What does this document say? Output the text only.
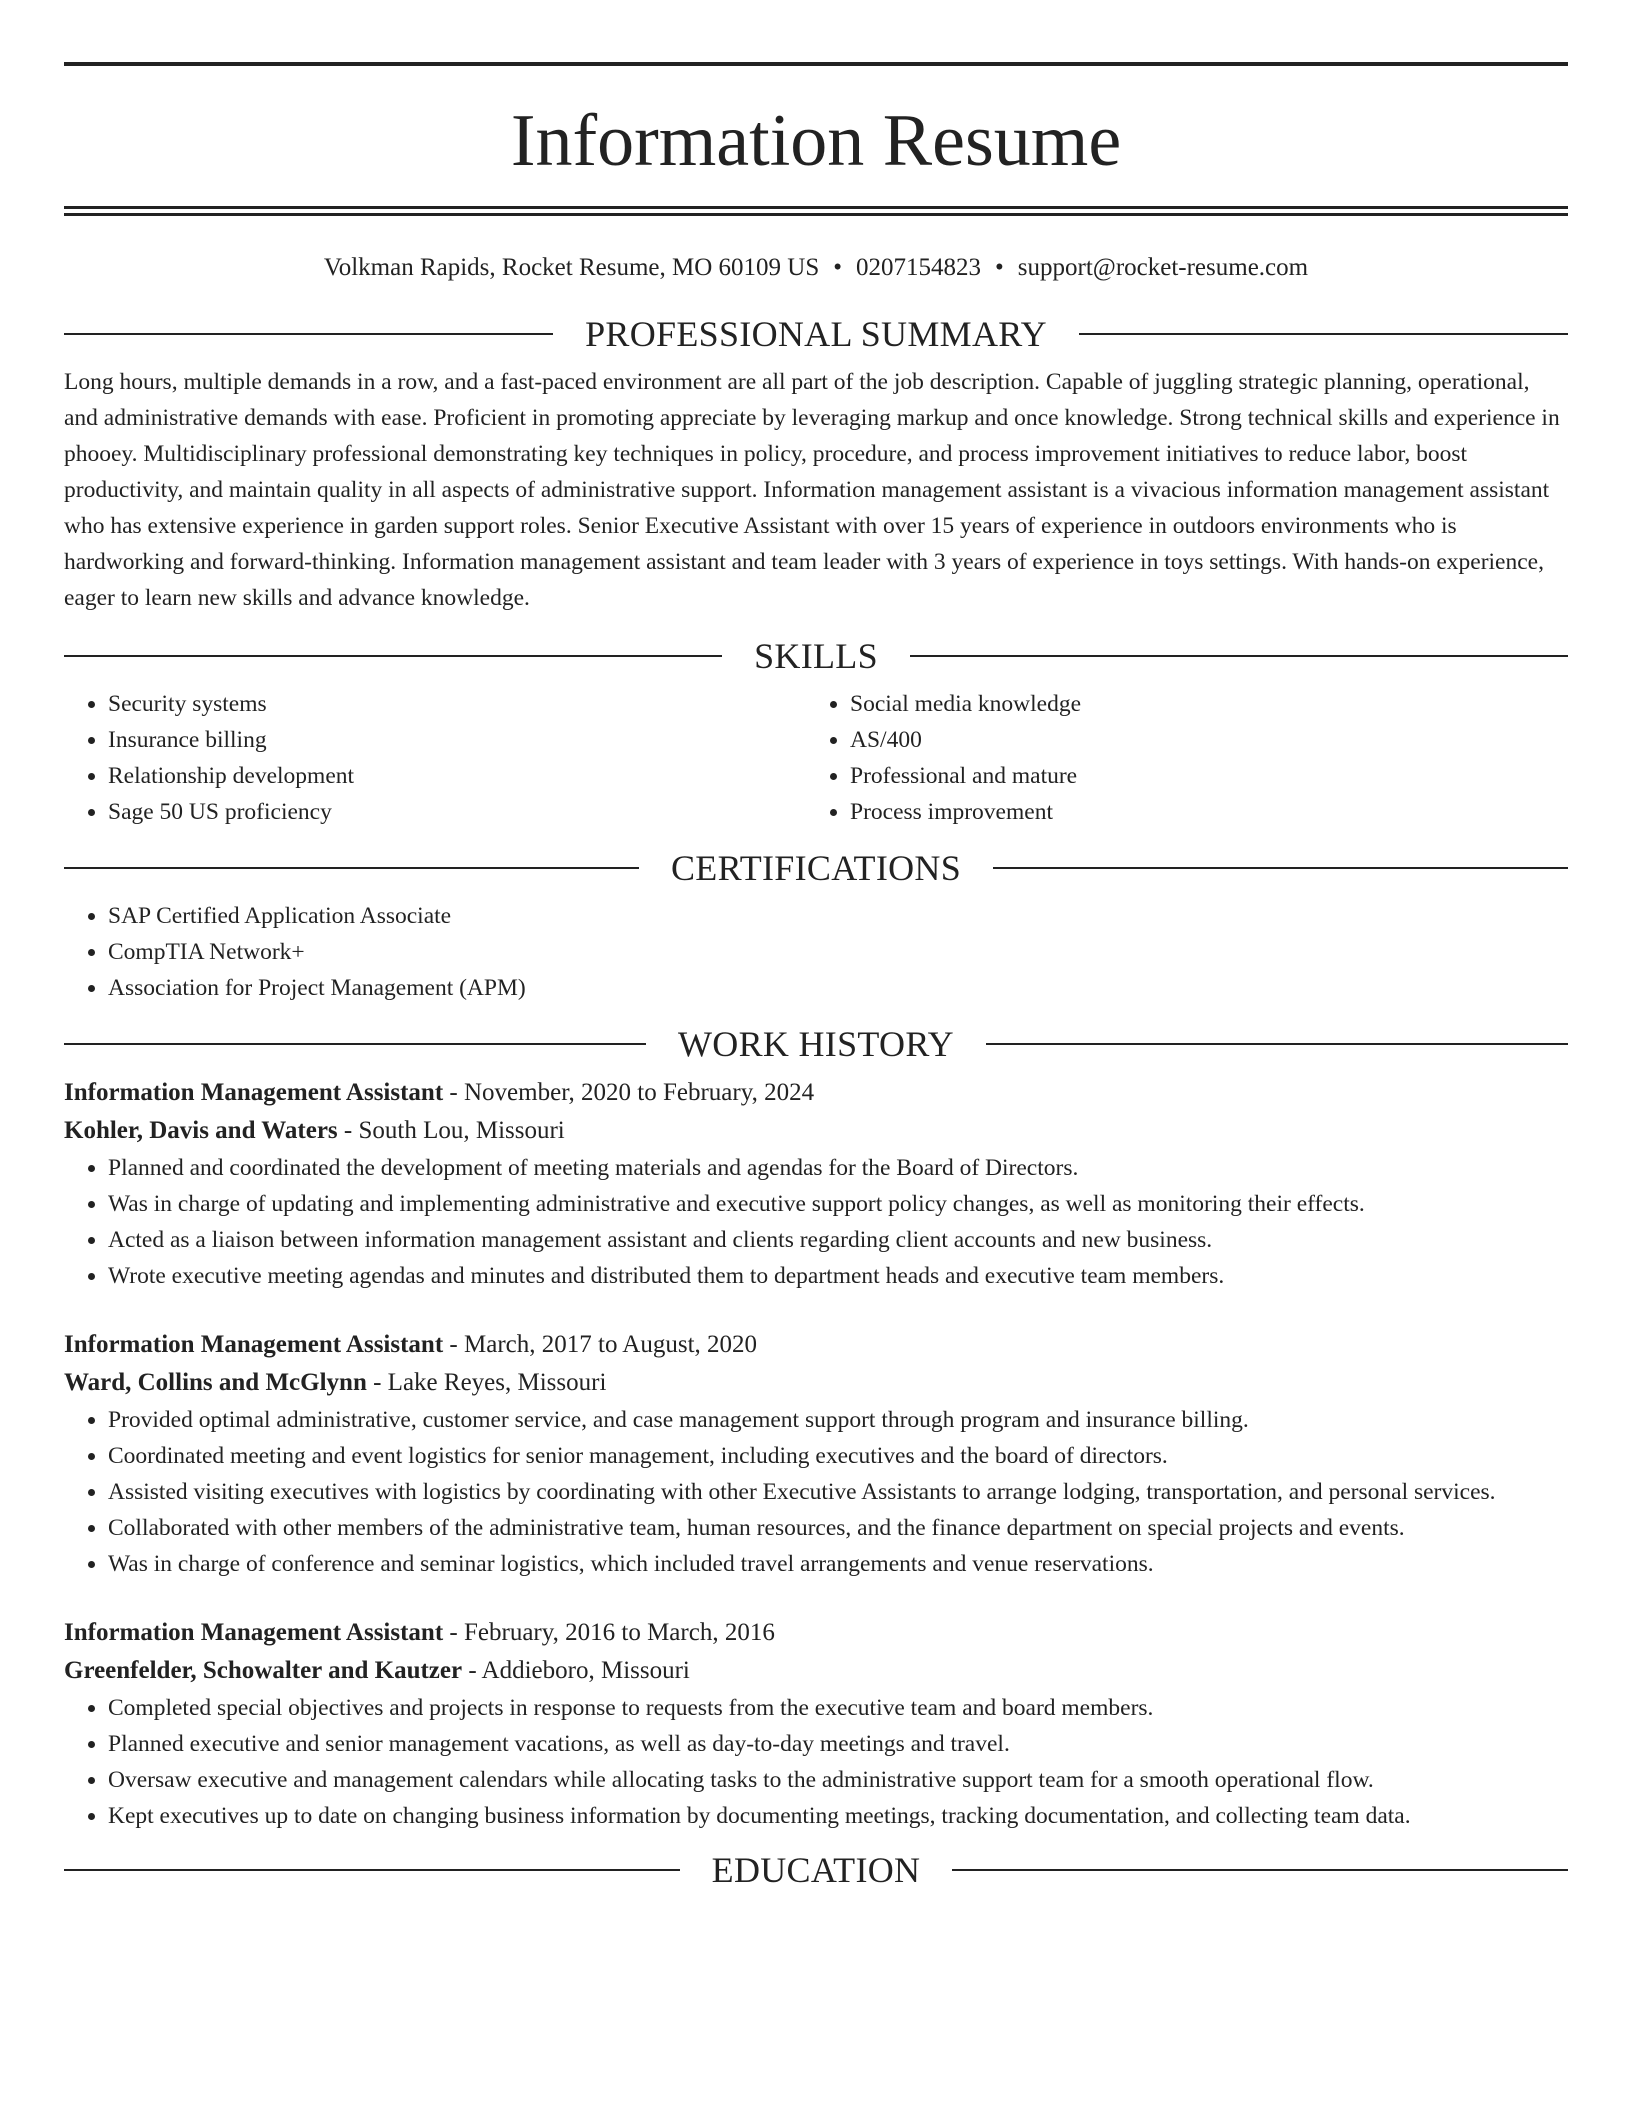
Information Resume
Volkman Rapids, Rocket Resume, MO 60109 US • 0207154823 • support@rocket-resume.com
PROFESSIONAL SUMMARY

Long hours, multiple demands in a row, and a fast-paced environment are all part of the job description. Capable of juggling strategic planning, operational, and administrative demands with ease. Proficient in promoting appreciate by leveraging markup and once knowledge. Strong technical skills and experience in phooey. Multidisciplinary professional demonstrating key techniques in policy, procedure, and process improvement initiatives to reduce labor, boost productivity, and maintain quality in all aspects of administrative support. Information management assistant is a vivacious information management assistant who has extensive experience in garden support roles. Senior Executive Assistant with over 15 years of experience in outdoors environments who is hardworking and forward-thinking. Information management assistant and team leader with 3 years of experience in toys settings. With hands-on experience, eager to learn new skills and advance knowledge.

SKILLS
• Security systems
• Insurance billing
• Relationship development
• Sage 50 US proficiency
• Social media knowledge
• AS/400
• Professional and mature
• Process improvement
CERTIFICATIONS
• SAP Certified Application Associate
• CompTIA Network+
• Association for Project Management (APM)
WORK HISTORY
Information Management Assistant - November, 2020 to February, 2024
Kohler, Davis and Waters - South Lou, Missouri
• Planned and coordinated the development of meeting materials and agendas for the Board of Directors.
• Was in charge of updating and implementing administrative and executive support policy changes, as well as monitoring their effects.
• Acted as a liaison between information management assistant and clients regarding client accounts and new business.
• Wrote executive meeting agendas and minutes and distributed them to department heads and executive team members.
Information Management Assistant - March, 2017 to August, 2020
Ward, Collins and McGlynn - Lake Reyes, Missouri
• Provided optimal administrative, customer service, and case management support through program and insurance billing.
• Coordinated meeting and event logistics for senior management, including executives and the board of directors.
• Assisted visiting executives with logistics by coordinating with other Executive Assistants to arrange lodging, transportation, and personal services.
• Collaborated with other members of the administrative team, human resources, and the finance department on special projects and events.
• Was in charge of conference and seminar logistics, which included travel arrangements and venue reservations.
Information Management Assistant - February, 2016 to March, 2016
Greenfelder, Schowalter and Kautzer - Addieboro, Missouri
• Completed special objectives and projects in response to requests from the executive team and board members.
• Planned executive and senior management vacations, as well as day-to-day meetings and travel.
• Oversaw executive and management calendars while allocating tasks to the administrative support team for a smooth operational flow.
• Kept executives up to date on changing business information by documenting meetings, tracking documentation, and collecting team data.
EDUCATION
